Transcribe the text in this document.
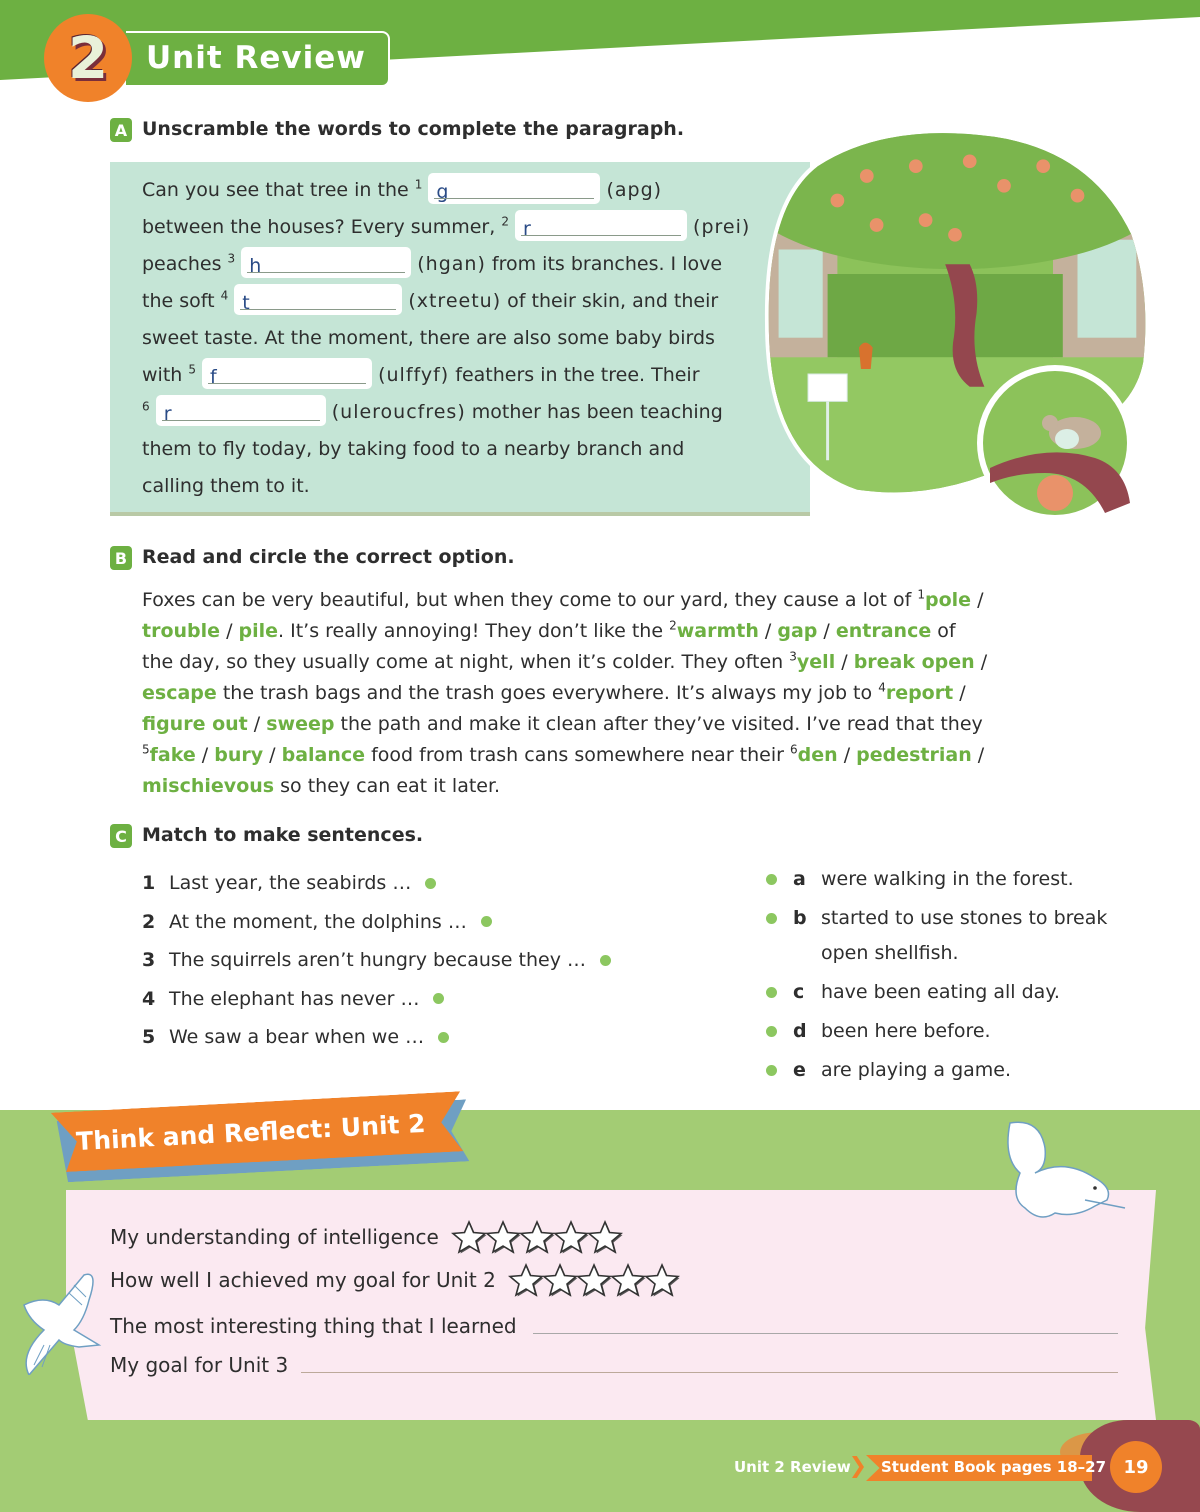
2 Unit Review
A Unscramble the words to complete the paragraph.
Can you see that tree in the $^1$ g	(apg)
between the houses? Every summer, $^2$ r	(prei)
peaches $^3$ h	(hgan) from its branches. I love
the soft $^4$ t	(xtreetu) of their skin, and their
sweet taste. At the moment, there are also some baby birds
with $^5$ f	(ulffyf) feathers in the tree. Their
$^6$ r	(uleroucfres) mother has been teaching
them to fly today, by taking food to a nearby branch and
calling them to it.
B Read and circle the correct option.
Foxes can be very beautiful, but when they come to our yard, they cause a lot of $^1$pole /
trouble / pile. It’s really annoying! They don’t like the $^2$warmth / gap / entrance of
the day, so they usually come at night, when it’s colder. They often $^3$yell / break open /
escape the trash bags and the trash goes everywhere. It’s always my job to $^4$report /
figure out / sweep the path and make it clean after they’ve visited. I’ve read that they
$^5$fake / bury / balance food from trash cans somewhere near their $^6$den / pedestrian /
mischievous so they can eat it later.
C Match to make sentences.
1 Last year, the seabirds …
2 At the moment, the dolphins …
3 The squirrels aren’t hungry because they …
4 The elephant has never …
5 We saw a bear when we …
a were walking in the forest.
b started to use stones to break open shellfish.
c have been eating all day.
d been here before.
e are playing a game.
Think and Reflect: Unit 2
My understanding of intelligence
How well I achieved my goal for Unit 2
The most interesting thing that I learned
My goal for Unit 3
Unit 2 Review Student Book pages 18–27 19
